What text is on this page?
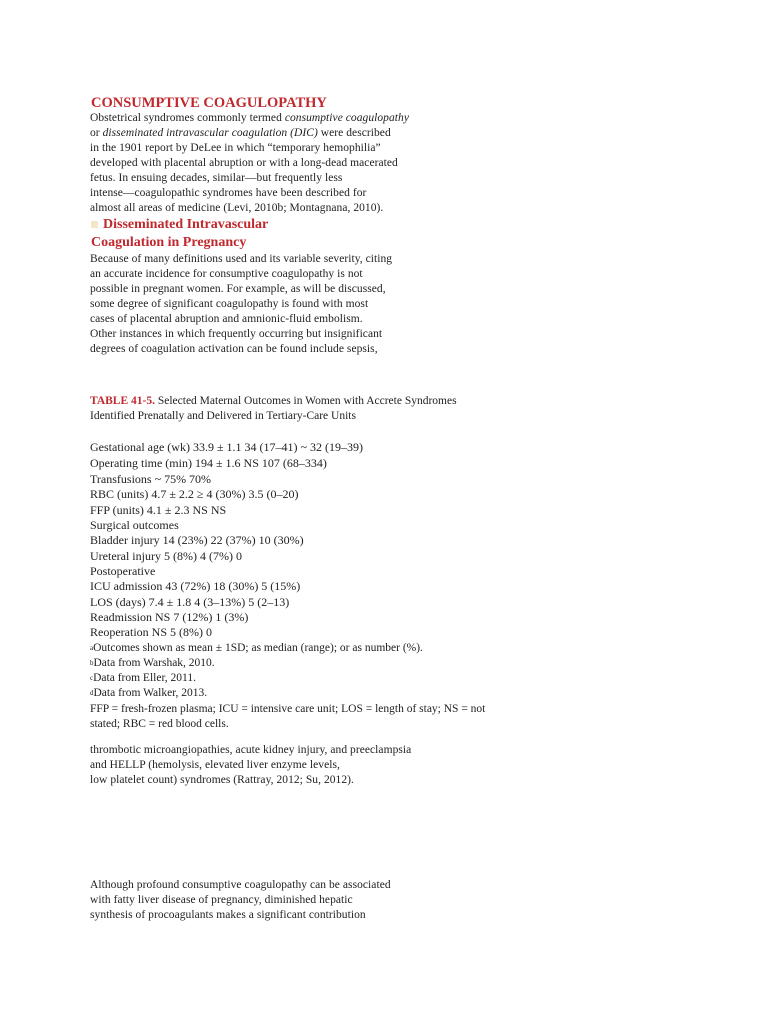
CONSUMPTIVE COAGULOPATHY
Obstetrical syndromes commonly termed consumptive coagulopathy
or disseminated intravascular coagulation (DIC) were described
in the 1901 report by DeLee in which “temporary hemophilia”
developed with placental abruption or with a long-dead macerated
fetus. In ensuing decades, similar—but frequently less
intense—coagulopathic syndromes have been described for
almost all areas of medicine (Levi, 2010b; Montagnana, 2010).
Disseminated Intravascular
Coagulation in Pregnancy
Because of many definitions used and its variable severity, citing
an accurate incidence for consumptive coagulopathy is not
possible in pregnant women. For example, as will be discussed,
some degree of significant coagulopathy is found with most
cases of placental abruption and amnionic-fluid embolism.
Other instances in which frequently occurring but insignificant
degrees of coagulation activation can be found include sepsis,
TABLE 41-5. Selected Maternal Outcomes in Women with Accrete Syndromes
Identified Prenatally and Delivered in Tertiary-Care Units
Gestational age (wk) 33.9 ± 1.1 34 (17–41) ~ 32 (19–39)
Operating time (min) 194 ± 1.6 NS 107 (68–334)
Transfusions ~ 75% 70%
RBC (units) 4.7 ± 2.2 ≥ 4 (30%) 3.5 (0–20)
FFP (units) 4.1 ± 2.3 NS NS
Surgical outcomes
Bladder injury 14 (23%) 22 (37%) 10 (30%)
Ureteral injury 5 (8%) 4 (7%) 0
Postoperative
ICU admission 43 (72%) 18 (30%) 5 (15%)
LOS (days) 7.4 ± 1.8 4 (3–13%) 5 (2–13)
Readmission NS 7 (12%) 1 (3%)
Reoperation NS 5 (8%) 0
aOutcomes shown as mean ± 1SD; as median (range); or as number (%).
bData from Warshak, 2010.
cData from Eller, 2011.
dData from Walker, 2013.
FFP = fresh-frozen plasma; ICU = intensive care unit; LOS = length of stay; NS = not
stated; RBC = red blood cells.
thrombotic microangiopathies, acute kidney injury, and preeclampsia
and HELLP (hemolysis, elevated liver enzyme levels,
low platelet count) syndromes (Rattray, 2012; Su, 2012).
Although profound consumptive coagulopathy can be associated
with fatty liver disease of pregnancy, diminished hepatic
synthesis of procoagulants makes a significant contribution
